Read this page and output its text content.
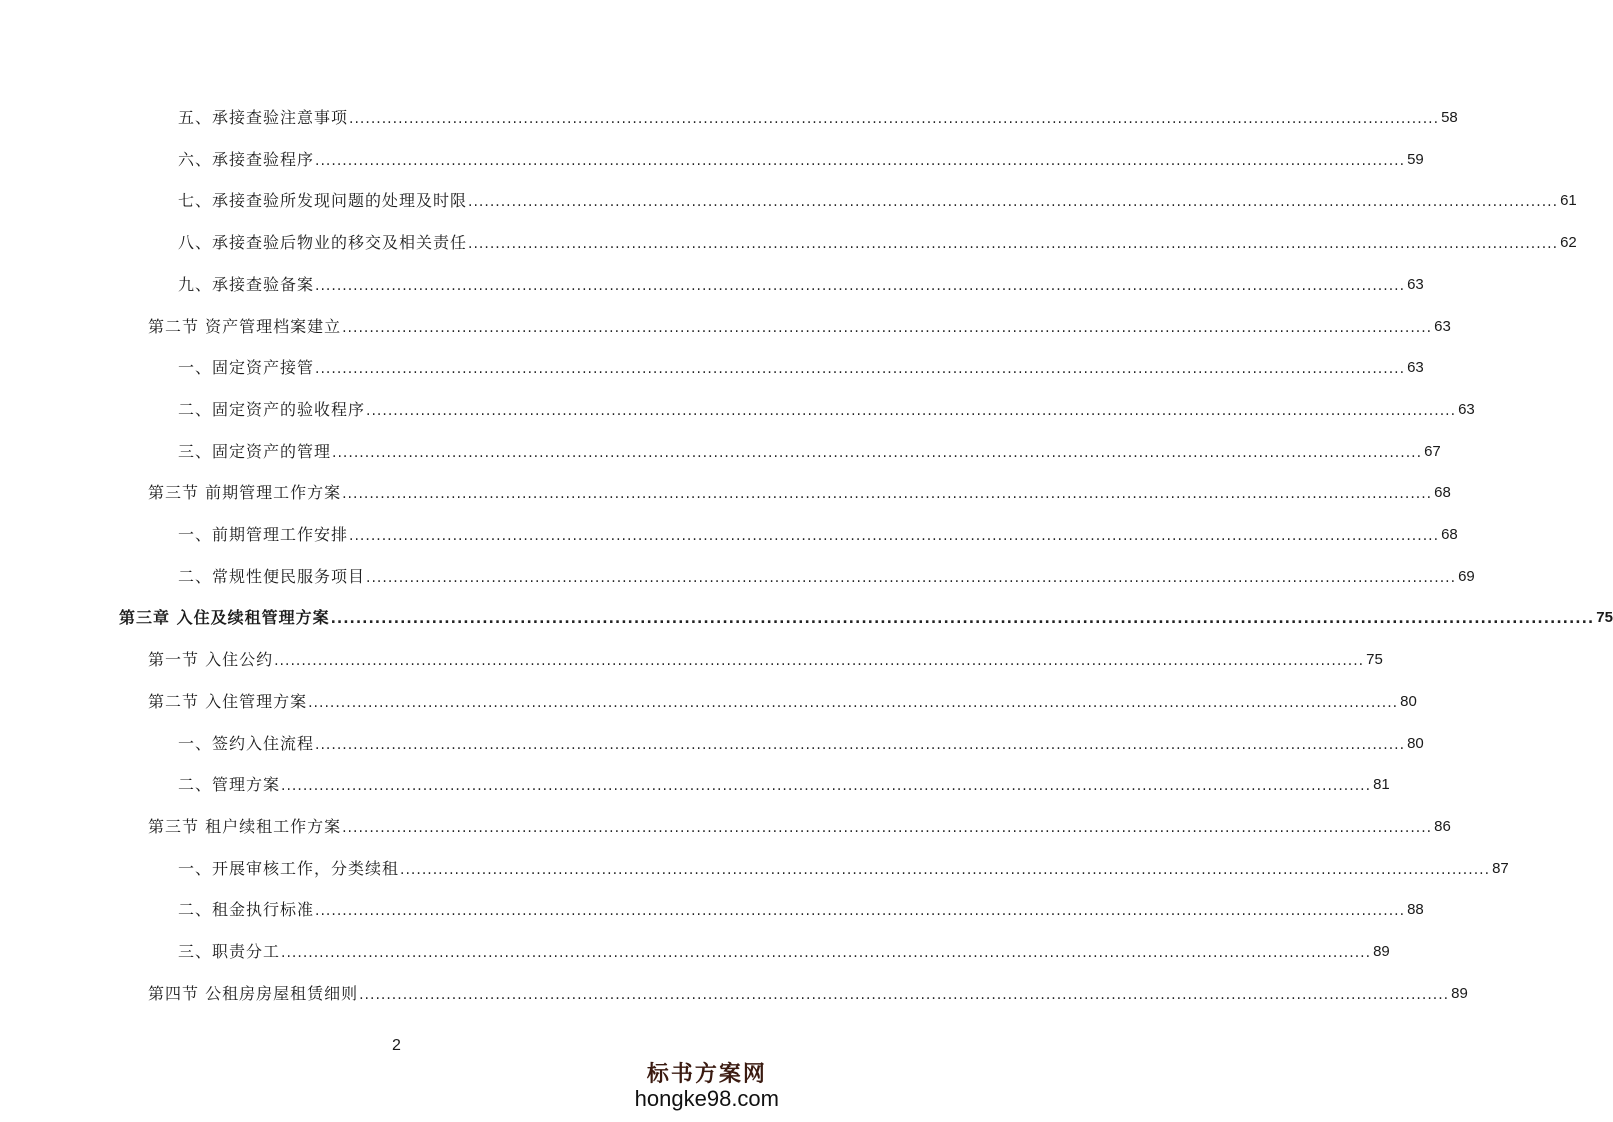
五、承接查验注意事项 ........................................................................................................................................................................................................ 58
六、承接查验程序 ........................................................................................................................................................................................................ 59
七、承接查验所发现问题的处理及时限 ........................................................................................................................................................................................................ 61
八、承接查验后物业的移交及相关责任 ........................................................................................................................................................................................................ 62
九、承接查验备案 ........................................................................................................................................................................................................ 63
第二节 资产管理档案建立 ........................................................................................................................................................................................................ 63
一、固定资产接管 ........................................................................................................................................................................................................ 63
二、固定资产的验收程序 ........................................................................................................................................................................................................ 63
三、固定资产的管理 ........................................................................................................................................................................................................ 67
第三节 前期管理工作方案 ........................................................................................................................................................................................................ 68
一、前期管理工作安排 ........................................................................................................................................................................................................ 68
二、常规性便民服务项目 ........................................................................................................................................................................................................ 69
第三章 入住及续租管理方案 ........................................................................................................................................................................................................ 75
第一节 入住公约 ........................................................................................................................................................................................................ 75
第二节 入住管理方案 ........................................................................................................................................................................................................ 80
一、签约入住流程 ........................................................................................................................................................................................................ 80
二、管理方案 ........................................................................................................................................................................................................ 81
第三节 租户续租工作方案 ........................................................................................................................................................................................................ 86
一、开展审核工作，分类续租 ........................................................................................................................................................................................................ 87
二、租金执行标准 ........................................................................................................................................................................................................ 88
三、职责分工 ........................................................................................................................................................................................................ 89
第四节 公租房房屋租赁细则 ........................................................................................................................................................................................................ 89
2
标书方案网
hongke98.com
